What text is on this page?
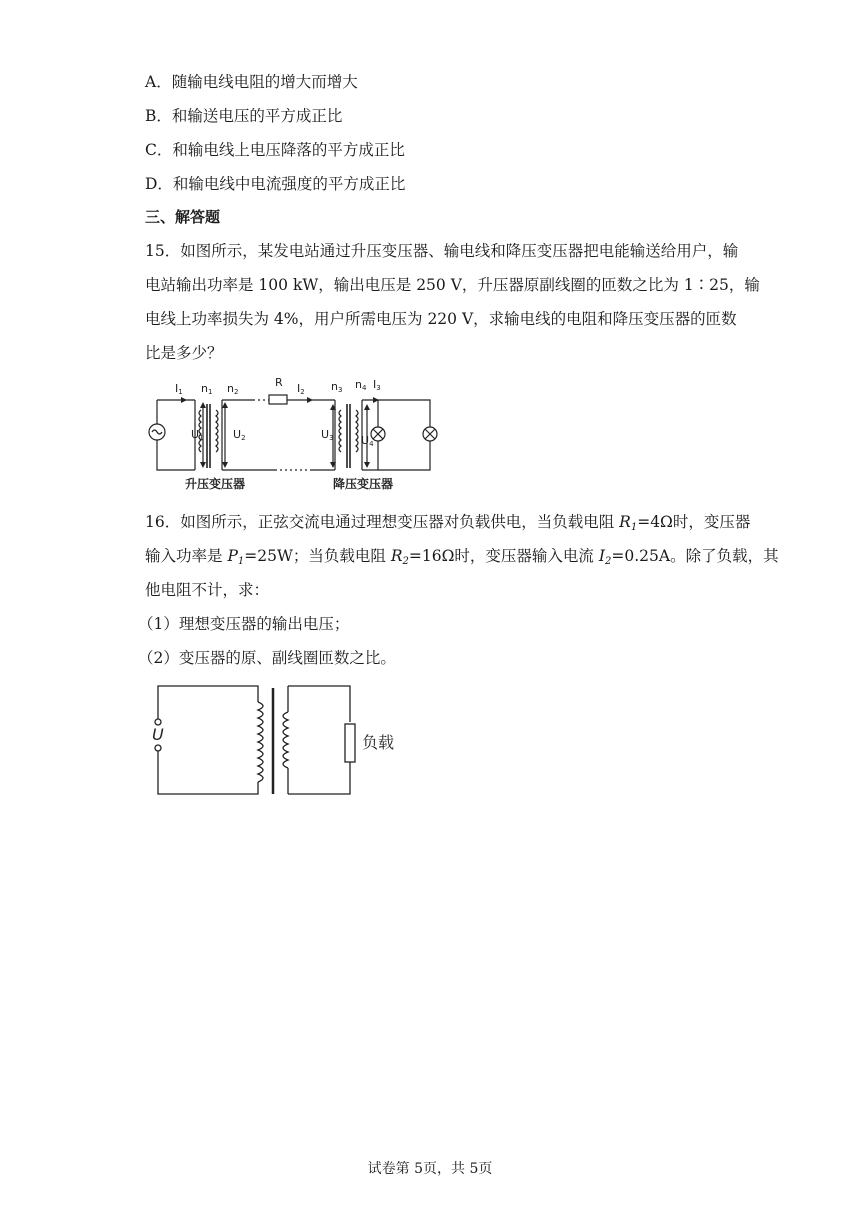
A．随输电线电阻的增大而增大
B．和输送电压的平方成正比
C．和输电线上电压降落的平方成正比
D．和输电线中电流强度的平方成正比
三、解答题
15．如图所示，某发电站通过升压变压器、输电线和降压变压器把电能输送给用户，输
电站输出功率是 100 kW，输出电压是 250 V，升压器原副线圈的匝数之比为 1∶25，输
电线上功率损失为 4%，用户所需电压为 220 V，求输电线的电阻和降压变压器的匝数
比是多少？
I1 n1 n2
R I2 n3 n4 I3
U1	U2	U3 U4
升压变压器	降压变压器
16．如图所示，正弦交流电通过理想变压器对负载供电，当负载电阻 $R_1=4\Omega$时，变压器
输入功率是 $P_1=25W$；当负载电阻 $R_2=16\Omega$时，变压器输入电流 $I_2=0.25A$。除了负载，其
他电阻不计，求：
（1）理想变压器的输出电压；
（2）变压器的原、副线圈匝数之比。
U	负载
试卷第 5页，共 5页
